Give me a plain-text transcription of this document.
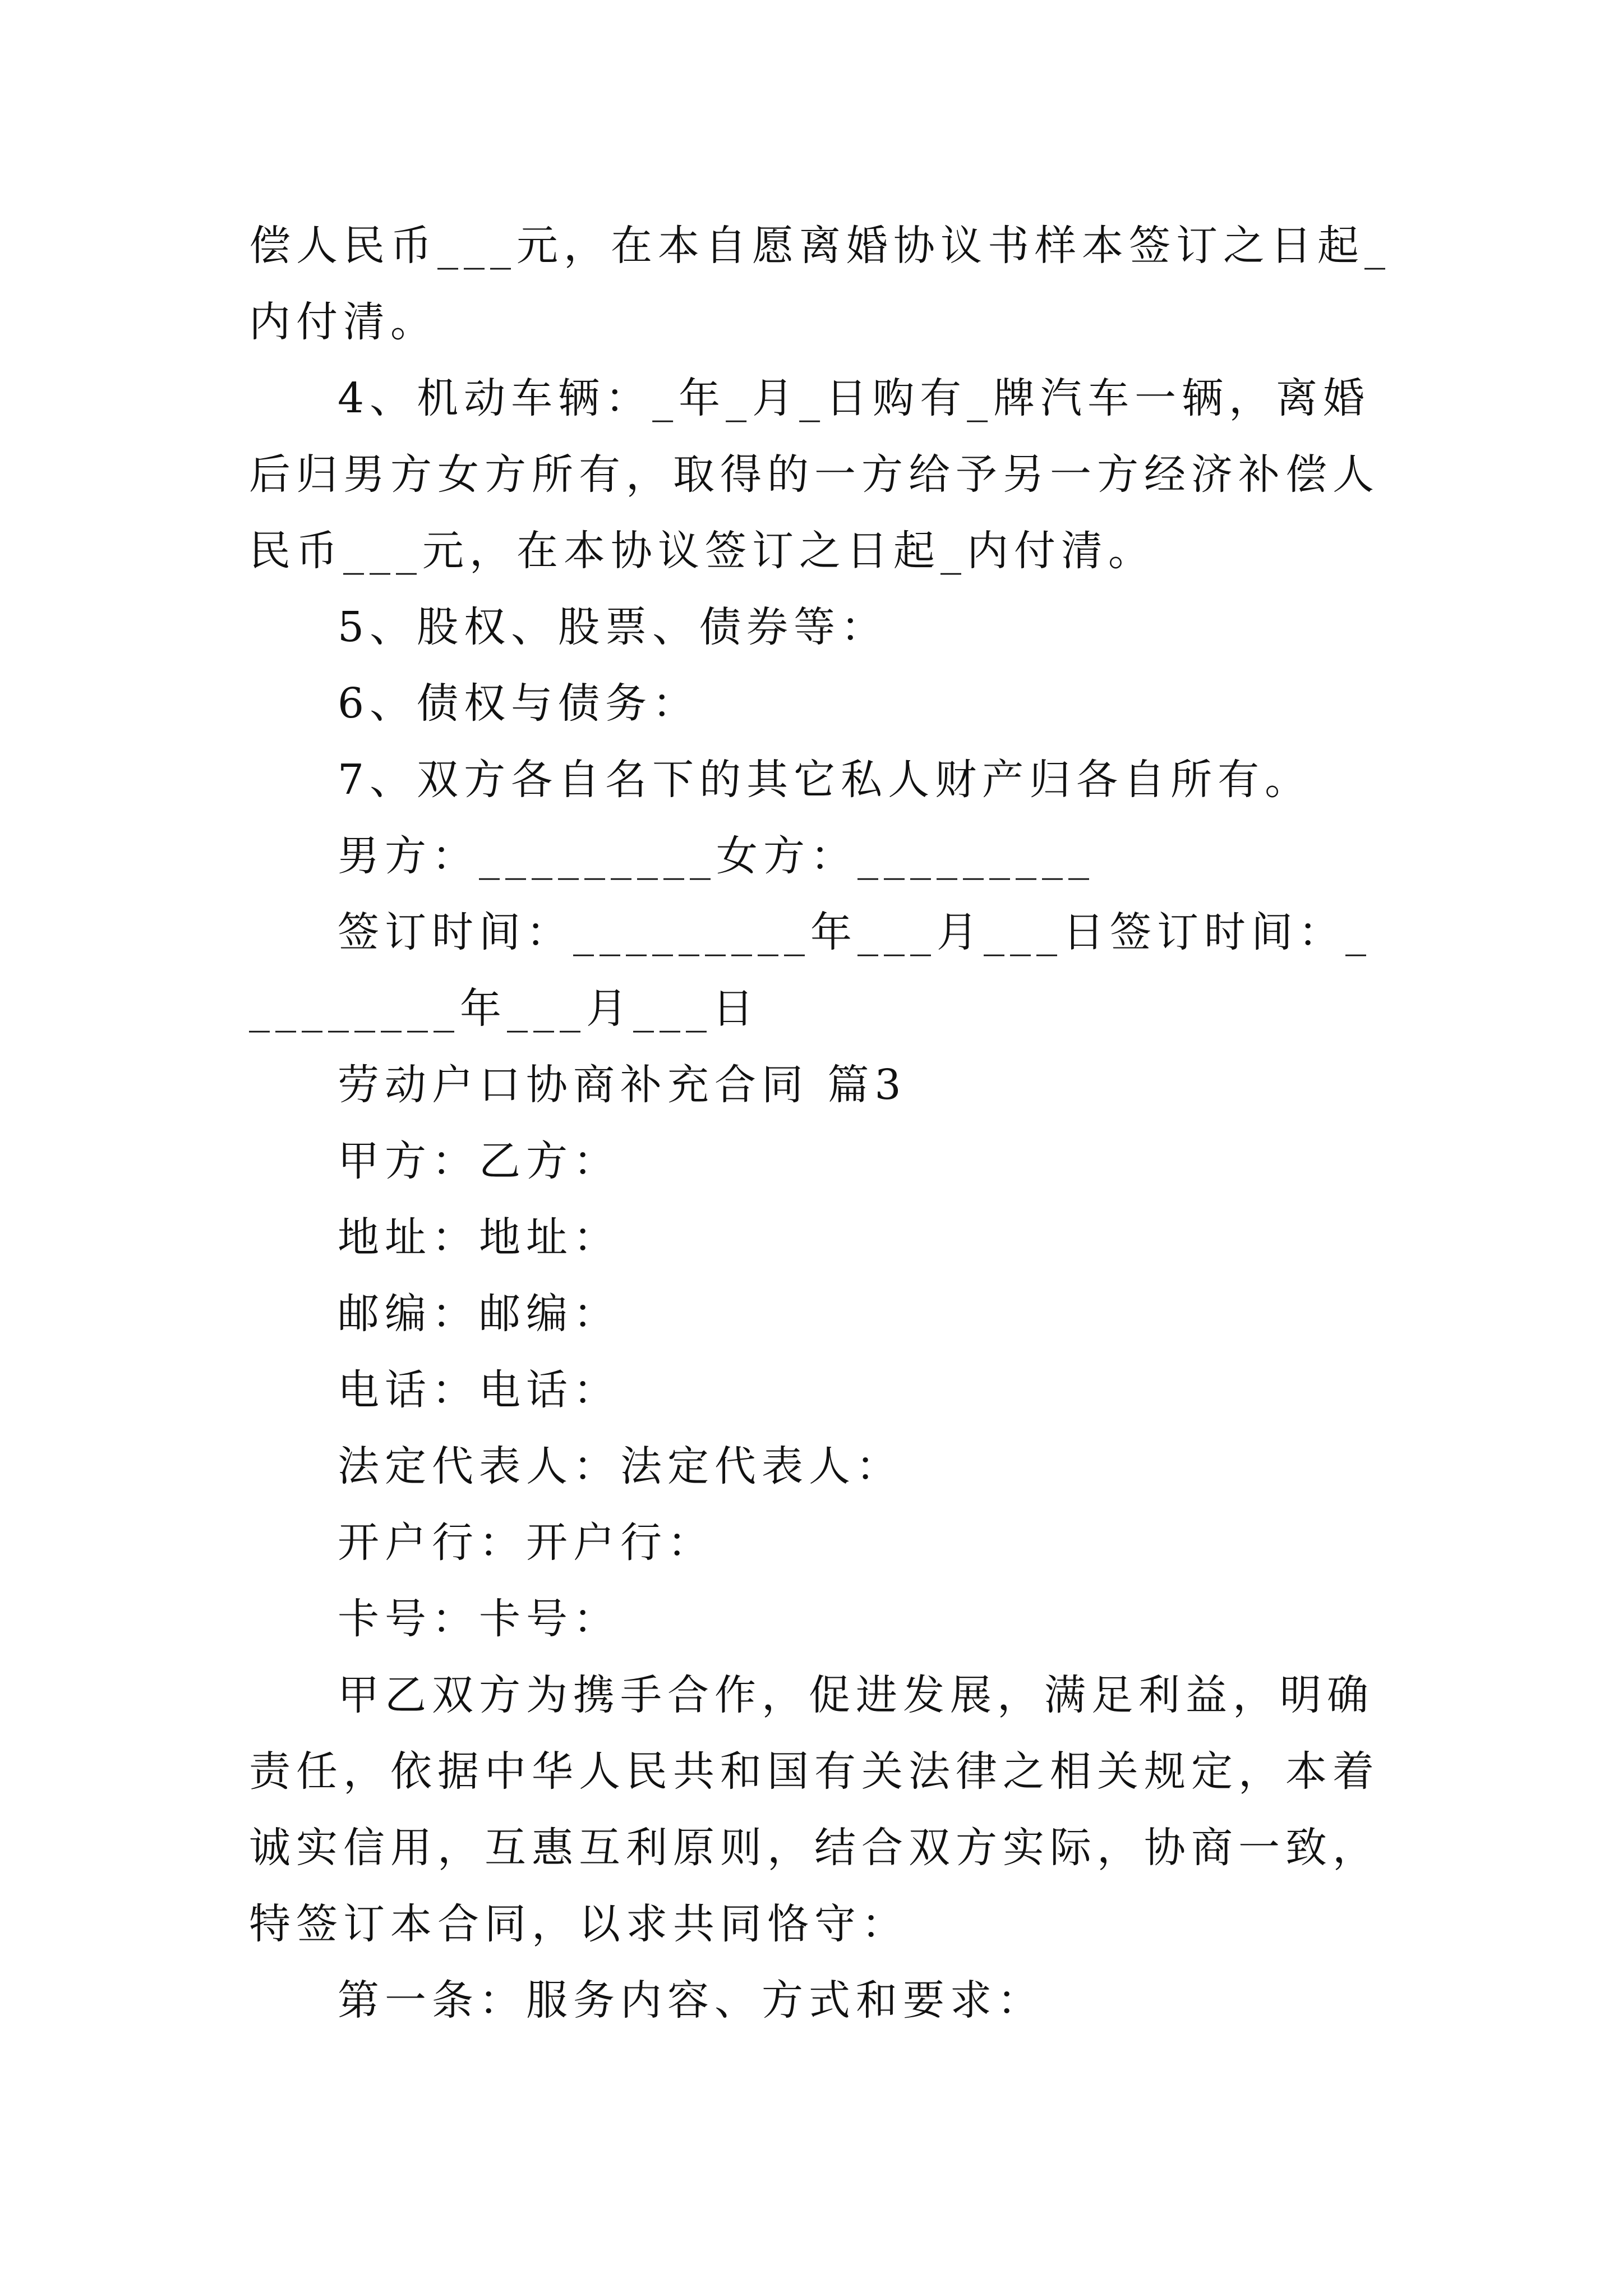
偿人民币___元，在本自愿离婚协议书样本签订之日起_内付清。

4、机动车辆：_年_月_日购有_牌汽车一辆，离婚后归男方女方所有，取得的一方给予另一方经济补偿人民币___元，在本协议签订之日起_内付清。

5、股权、股票、债券等：

6、债权与债务：

7、双方各自名下的其它私人财产归各自所有。

男方：_________女方：_________

签订时间：_________年___月___日签订时间：_________年___月___日

劳动户口协商补充合同 篇3

甲方：乙方：

地址：地址：

邮编：邮编：

电话：电话：

法定代表人：法定代表人：

开户行：开户行：

卡号：卡号：

甲乙双方为携手合作，促进发展，满足利益，明确责任，依据中华人民共和国有关法律之相关规定，本着诚实信用，互惠互利原则，结合双方实际，协商一致，特签订本合同，以求共同恪守：

第一条：服务内容、方式和要求：
